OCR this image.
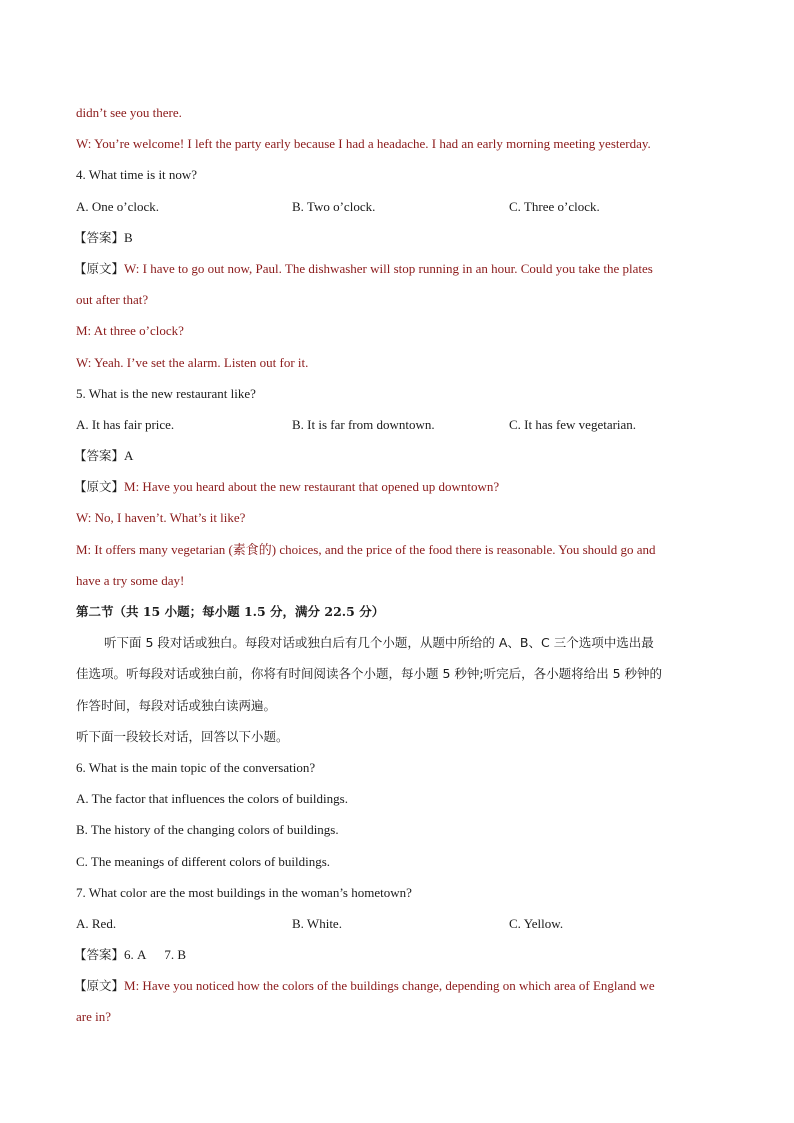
didn’t see you there.
W: You’re welcome! I left the party early because I had a headache. I had an early morning meeting yesterday.
4. What time is it now?
A. One o’clock.	B. Two o’clock.	C. Three o’clock.
【答案】B
【原文】W: I have to go out now, Paul. The dishwasher will stop running in an hour. Could you take the plates
out after that?
M: At three o’clock?
W: Yeah. I’ve set the alarm. Listen out for it.
5. What is the new restaurant like?
A. It has fair price.	B. It is far from downtown.	C. It has few vegetarian.
【答案】A
【原文】M: Have you heard about the new restaurant that opened up downtown?
W: No, I haven’t. What’s it like?
M: It offers many vegetarian (素食的) choices, and the price of the food there is reasonable. You should go and
have a try some day!
第二节（共 15 小题；每小题 1.5 分，满分 22.5 分）
听下面 5 段对话或独白。每段对话或独白后有几个小题，从题中所给的 A、B、C 三个选项中选出最
佳选项。听每段对话或独白前，你将有时间阅读各个小题，每小题 5 秒钟;听完后，各小题将给出 5 秒钟的
作答时间，每段对话或独白读两遍。
听下面一段较长对话，回答以下小题。
6. What is the main topic of the conversation?
A. The factor that influences the colors of buildings.
B. The history of the changing colors of buildings.
C. The meanings of different colors of buildings.
7. What color are the most buildings in the woman’s hometown?
A. Red.	B. White.	C. Yellow.
【答案】6. A 7. B
【原文】M: Have you noticed how the colors of the buildings change, depending on which area of England we
are in?
